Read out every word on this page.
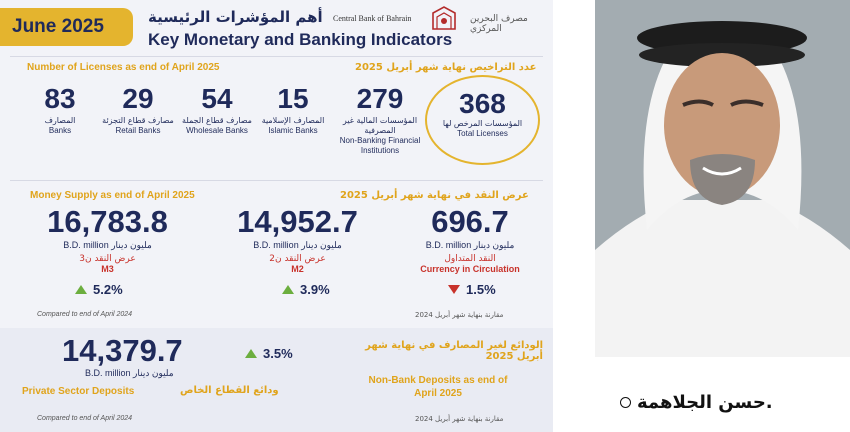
June 2025	أهم المؤشرات الرئيسية
Key Monetary and Banking Indicators
Central Bank of Bahrain	مصرف البحرين المركزي
Number of Licenses as end of April 2025	عدد التراخيص نهاية شهر أبريل 2025
83
المصارف
Banks
29
مصارف قطاع التجزئة
Retail Banks
54
مصارف قطاع الجملة
Wholesale Banks
15
المصارف الإسلامية
Islamic Banks
279
المؤسسات المالية غير المصرفية
Non-Banking Financial Institutions
368
المؤسسات المرخص لها
Total Licenses
Money Supply as end of April 2025	عرض النقد في نهاية شهر أبريل 2025
16,783.8
B.D. million مليون دينار
عرض النقد ن3
M3
5.2%
14,952.7
B.D. million مليون دينار
عرض النقد ن2
M2
3.9%
696.7
B.D. million مليون دينار
النقد المتداول
Currency in Circulation
1.5%
Compared to end of April 2024	مقارنة بنهاية شهر أبريل 2024
14,379.7	3.5%
B.D. million مليون دينار
Private Sector Deposits	ودائع القطاع الخاص
الودائع لغير المصارف في نهاية شهر أبريل 2025
Non-Bank Deposits as end of April 2025
Compared to end of April 2024	مقارنة بنهاية شهر أبريل 2024
حسن الجلاهمة.
